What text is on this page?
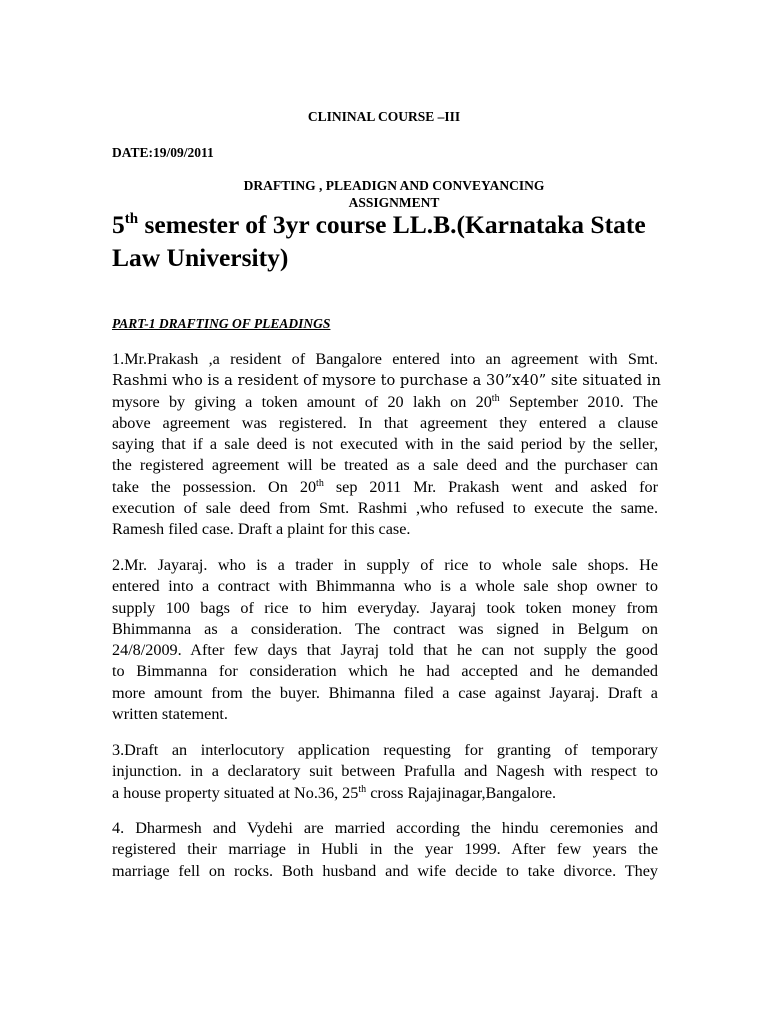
CLININAL COURSE –III

DATE:19/09/2011

DRAFTING , PLEADIGN AND CONVEYANCING

ASSIGNMENT

5th semester of 3yr course LL.B.(Karnataka State
Law University)

PART-1 DRAFTING OF PLEADINGS

1.Mr.Prakash ,a resident of Bangalore entered into an agreement with Smt.
Rashmi who is a resident of mysore to purchase a 30”x40” site situated in
mysore by giving a token amount of 20 lakh on 20th September 2010. The
above agreement was registered. In that agreement they entered a clause
saying that if a sale deed is not executed with in the said period by the seller,
the registered agreement will be treated as a sale deed and the purchaser can
take the possession. On 20th sep 2011 Mr. Prakash went and asked for
execution of sale deed from Smt. Rashmi ,who refused to execute the same.
Ramesh filed case. Draft a plaint for this case.
2.Mr. Jayaraj. who is a trader in supply of rice to whole sale shops. He
entered into a contract with Bhimmanna who is a whole sale shop owner to
supply 100 bags of rice to him everyday. Jayaraj took token money from
Bhimmanna as a consideration. The contract was signed in Belgum on
24/8/2009. After few days that Jayraj told that he can not supply the good
to Bimmanna for consideration which he had accepted and he demanded
more amount from the buyer. Bhimanna filed a case against Jayaraj. Draft a
written statement.
3.Draft an interlocutory application requesting for granting of temporary
injunction. in a declaratory suit between Prafulla and Nagesh with respect to
a house property situated at No.36, 25th cross Rajajinagar,Bangalore.
4. Dharmesh and Vydehi are married according the hindu ceremonies and
registered their marriage in Hubli in the year 1999. After few years the
marriage fell on rocks. Both husband and wife decide to take divorce. They
